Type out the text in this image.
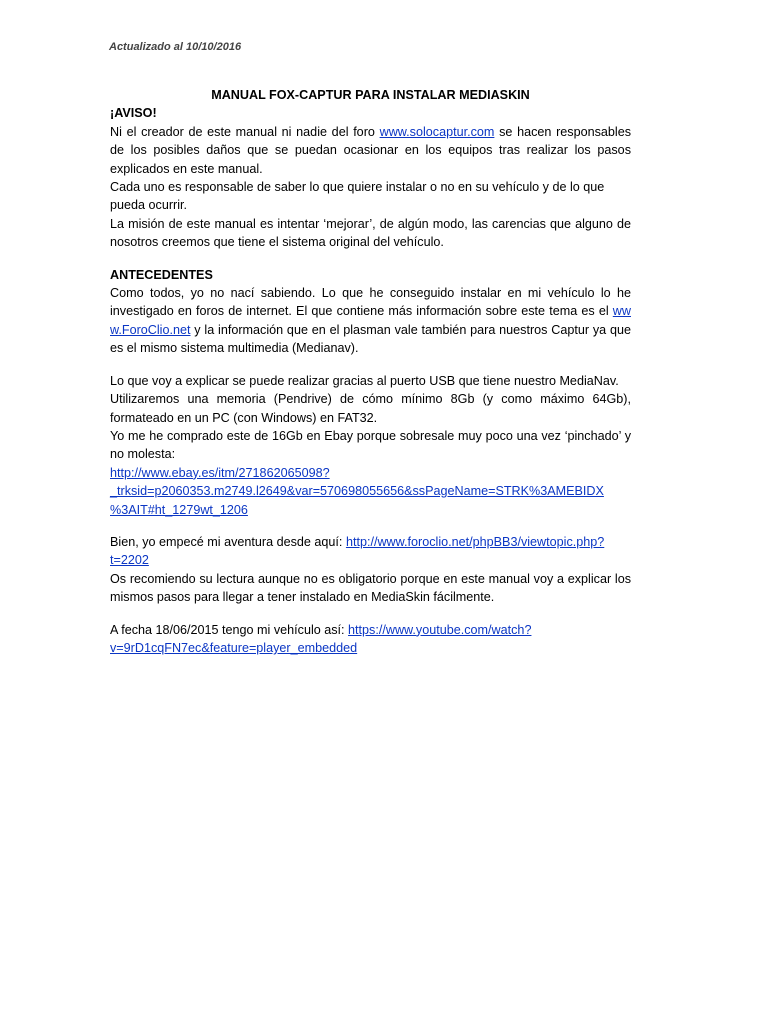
Actualizado al 10/10/2016

MANUAL FOX-CAPTUR PARA INSTALAR MEDIASKIN

¡AVISO!

Ni el creador de este manual ni nadie del foro www.solocaptur.com se hacen responsables de los posibles daños que se puedan ocasionar en los equipos tras realizar los pasos explicados en este manual.

Cada uno es responsable de saber lo que quiere instalar o no en su vehículo y de lo que pueda ocurrir.

La misión de este manual es intentar ‘mejorar’, de algún modo, las carencias que alguno de nosotros creemos que tiene el sistema original del vehículo.

ANTECEDENTES

Como todos, yo no nací sabiendo. Lo que he conseguido instalar en mi vehículo lo he investigado en foros de internet. El que contiene más información sobre este tema es el www.ForoClio.net y la información que en el plasman vale también para nuestros Captur ya que es el mismo sistema multimedia (Medianav).

Lo que voy a explicar se puede realizar gracias al puerto USB que tiene nuestro MediaNav.

Utilizaremos una memoria (Pendrive) de cómo mínimo 8Gb (y como máximo 64Gb), formateado en un PC (con Windows) en FAT32.

Yo me he comprado este de 16Gb en Ebay porque sobresale muy poco una vez ‘pinchado’ y no molesta:

http://www.ebay.es/itm/271862065098?
_trksid=p2060353.m2749.l2649&var=570698055656&ssPageName=STRK%3AMEBIDX
%3AIT#ht_1279wt_1206

Bien, yo empecé mi aventura desde aquí: http://www.foroclio.net/phpBB3/viewtopic.php?
t=2202

Os recomiendo su lectura aunque no es obligatorio porque en este manual voy a explicar los mismos pasos para llegar a tener instalado en MediaSkin fácilmente.

A fecha 18/06/2015 tengo mi vehículo así: https://www.youtube.com/watch?
v=9rD1cqFN7ec&feature=player_embedded
